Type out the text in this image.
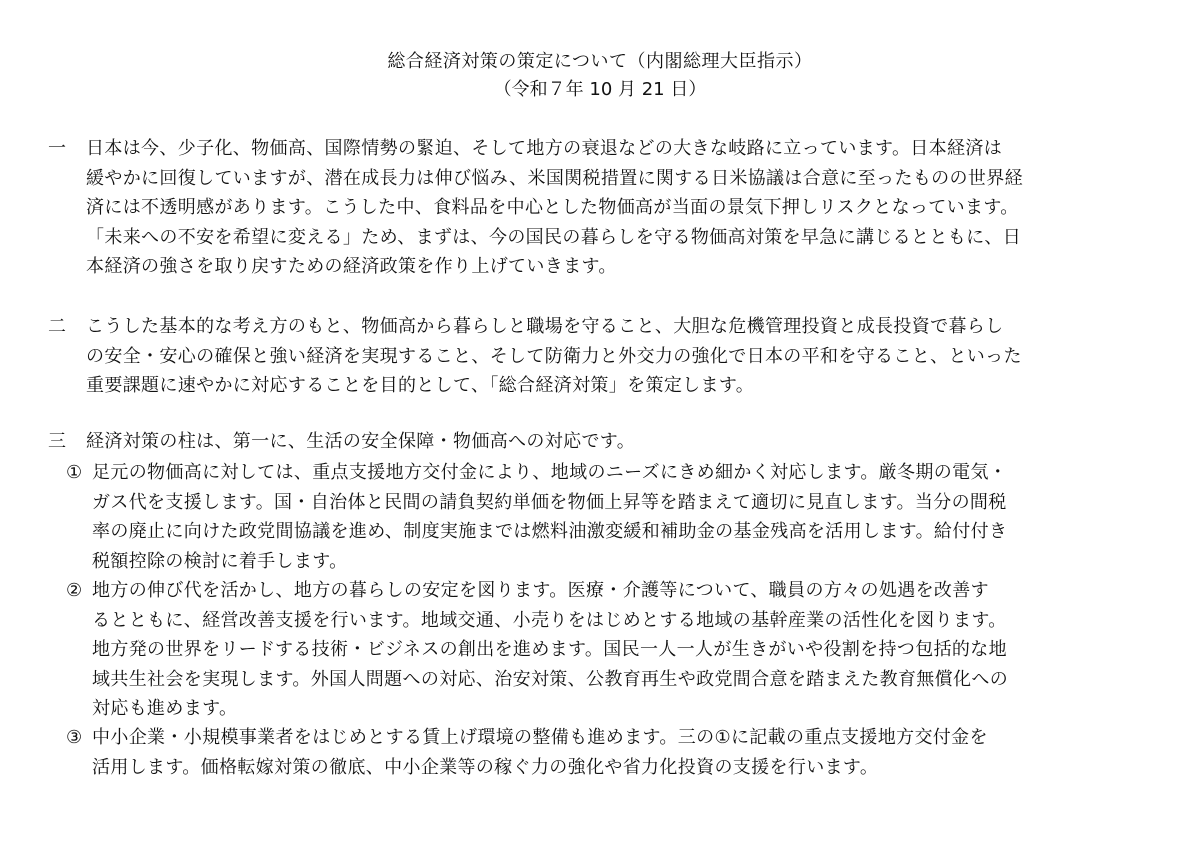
総合経済対策の策定について（内閣総理大臣指示）
（令和７年 10 月 21 日）
一	日本は今、少子化、物価高、国際情勢の緊迫、そして地方の衰退などの大きな岐路に立っています。日本経済は
緩やかに回復していますが、潜在成長力は伸び悩み、米国関税措置に関する日米協議は合意に至ったものの世界経
済には不透明感があります。こうした中、食料品を中心とした物価高が当面の景気下押しリスクとなっています。
「未来への不安を希望に変える」ため、まずは、今の国民の暮らしを守る物価高対策を早急に講じるとともに、日
本経済の強さを取り戻すための経済政策を作り上げていきます。
二	こうした基本的な考え方のもと、物価高から暮らしと職場を守ること、大胆な危機管理投資と成長投資で暮らし
の安全・安心の確保と強い経済を実現すること、そして防衛力と外交力の強化で日本の平和を守ること、といった
重要課題に速やかに対応することを目的として、「総合経済対策」を策定します。
三	経済対策の柱は、第一に、生活の安全保障・物価高への対応です。
① 足元の物価高に対しては、重点支援地方交付金により、地域のニーズにきめ細かく対応します。厳冬期の電気・
ガス代を支援します。国・自治体と民間の請負契約単価を物価上昇等を踏まえて適切に見直します。当分の間税
率の廃止に向けた政党間協議を進め、制度実施までは燃料油激変緩和補助金の基金残高を活用します。給付付き
税額控除の検討に着手します。
② 地方の伸び代を活かし、地方の暮らしの安定を図ります。医療・介護等について、職員の方々の処遇を改善す
るとともに、経営改善支援を行います。地域交通、小売りをはじめとする地域の基幹産業の活性化を図ります。
地方発の世界をリードする技術・ビジネスの創出を進めます。国民一人一人が生きがいや役割を持つ包括的な地
域共生社会を実現します。外国人問題への対応、治安対策、公教育再生や政党間合意を踏まえた教育無償化への
対応も進めます。
③ 中小企業・小規模事業者をはじめとする賃上げ環境の整備も進めます。三の①に記載の重点支援地方交付金を
活用します。価格転嫁対策の徹底、中小企業等の稼ぐ力の強化や省力化投資の支援を行います。
